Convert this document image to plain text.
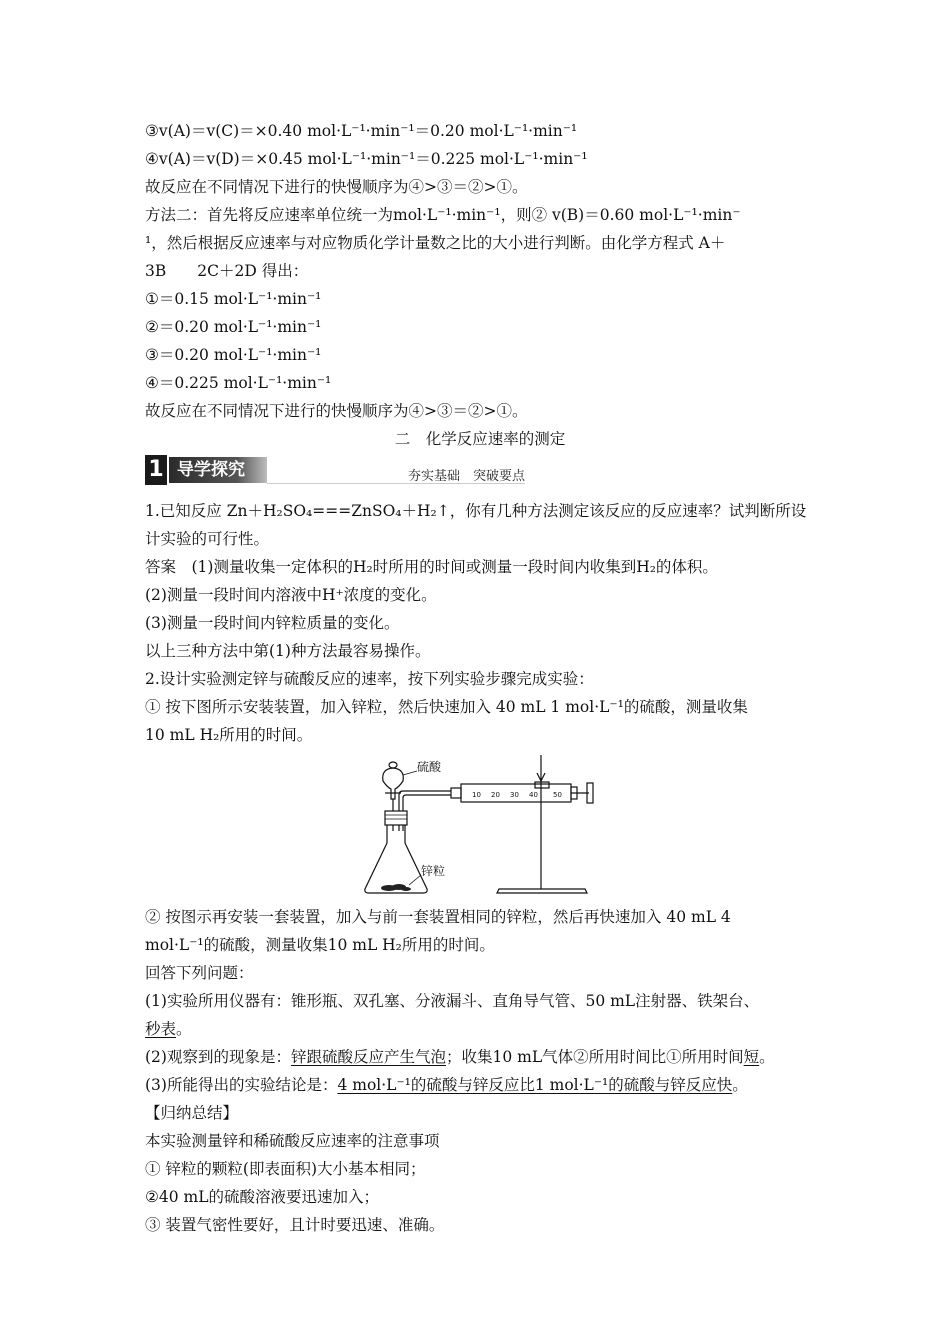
③v(A)＝v(C)＝×0.40 mol·L⁻¹·min⁻¹＝0.20 mol·L⁻¹·min⁻¹
④v(A)＝v(D)＝×0.45 mol·L⁻¹·min⁻¹＝0.225 mol·L⁻¹·min⁻¹
故反应在不同情况下进行的快慢顺序为④>③＝②>①。
方法二：首先将反应速率单位统一为mol·L⁻¹·min⁻¹，则② v(B)＝0.60 mol·L⁻¹·min⁻
¹，然后根据反应速率与对应物质化学计量数之比的大小进行判断。由化学方程式 A＋
3B　　2C＋2D 得出：
①＝0.15 mol·L⁻¹·min⁻¹
②＝0.20 mol·L⁻¹·min⁻¹
③＝0.20 mol·L⁻¹·min⁻¹
④＝0.225 mol·L⁻¹·min⁻¹
故反应在不同情况下进行的快慢顺序为④>③＝②>①。
二　化学反应速率的测定
1 导学探究	夯实基础　突破要点
1.已知反应 Zn＋H₂SO₄===ZnSO₄＋H₂↑，你有几种方法测定该反应的反应速率？试判断所设
计实验的可行性。
答案　(1)测量收集一定体积的H₂时所用的时间或测量一段时间内收集到H₂的体积。
(2)测量一段时间内溶液中H⁺浓度的变化。
(3)测量一段时间内锌粒质量的变化。
以上三种方法中第(1)种方法最容易操作。
2.设计实验测定锌与硫酸反应的速率，按下列实验步骤完成实验：
① 按下图所示安装装置，加入锌粒，然后快速加入 40 mL 1 mol·L⁻¹的硫酸，测量收集
10 mL H₂所用的时间。
硫酸
锌粒
10 20 30 40 50
② 按图示再安装一套装置，加入与前一套装置相同的锌粒，然后再快速加入 40 mL 4
mol·L⁻¹的硫酸，测量收集10 mL H₂所用的时间。
回答下列问题：
(1)实验所用仪器有：锥形瓶、双孔塞、分液漏斗、直角导气管、50 mL注射器、铁架台、
秒表。
(2)观察到的现象是：锌跟硫酸反应产生气泡；收集10 mL气体②所用时间比①所用时间短。
(3)所能得出的实验结论是：4 mol·L⁻¹的硫酸与锌反应比1 mol·L⁻¹的硫酸与锌反应快。
【归纳总结】
本实验测量锌和稀硫酸反应速率的注意事项
① 锌粒的颗粒(即表面积)大小基本相同；
②40 mL的硫酸溶液要迅速加入；
③ 装置气密性要好，且计时要迅速、准确。
